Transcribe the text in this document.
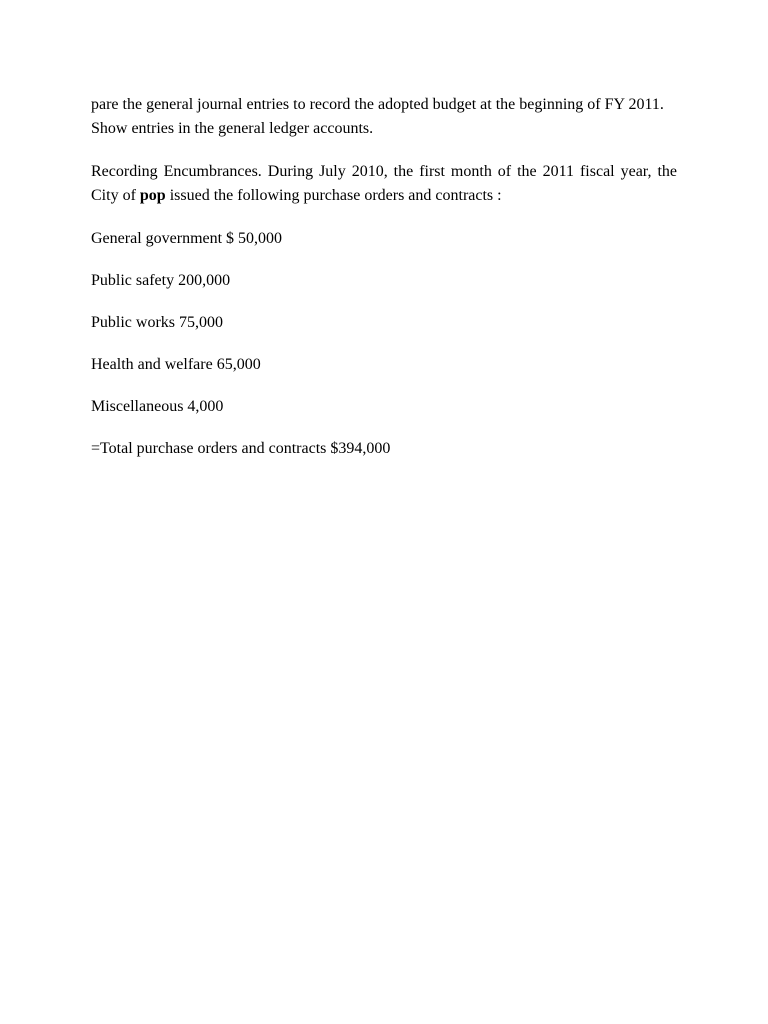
pare the general journal entries to record the adopted budget at the beginning of FY 2011. Show entries in the general ledger accounts.

Recording Encumbrances. During July 2010, the first month of the 2011 fiscal year, the City of pop issued the following purchase orders and contracts :

General government $ 50,000

Public safety 200,000

Public works 75,000

Health and welfare 65,000

Miscellaneous 4,000

=Total purchase orders and contracts $394,000
